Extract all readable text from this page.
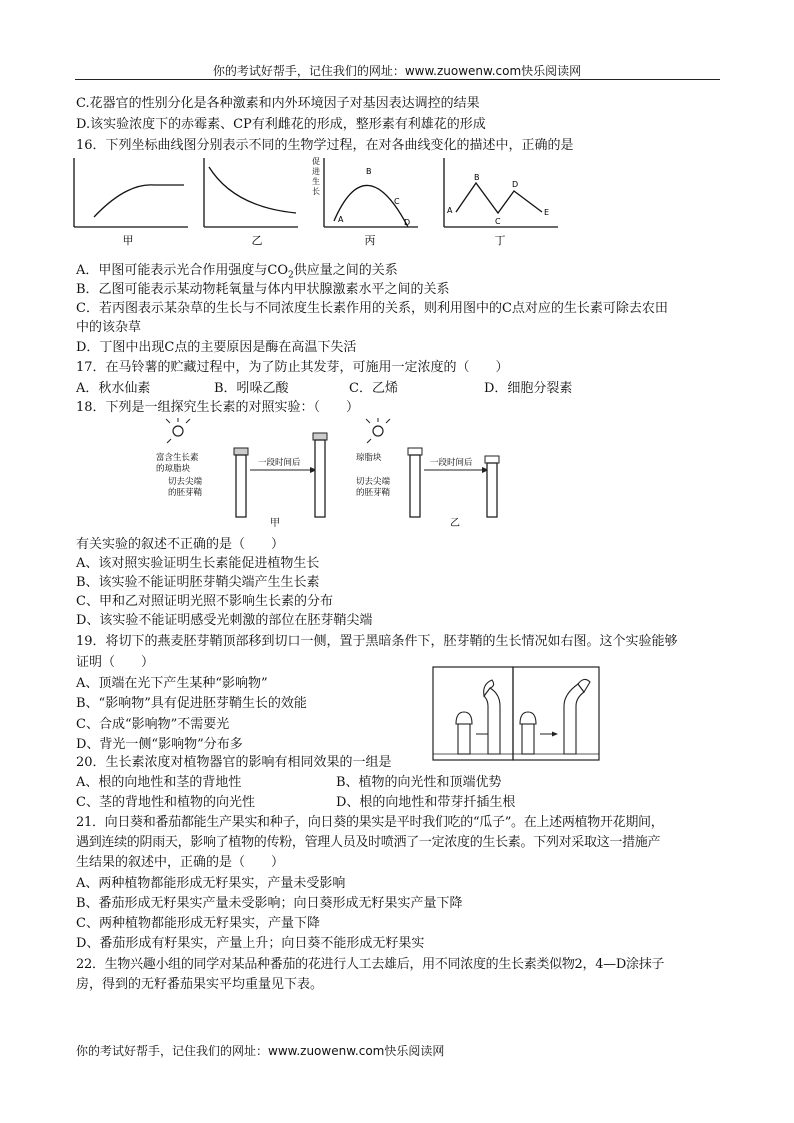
你的考试好帮手，记住我们的网址：www.zuowenw.com快乐阅读网
C.花器官的性别分化是各种激素和内外环境因子对基因表达调控的结果
D.该实验浓度下的赤霉素、CP有利雌花的形成，整形素有利雄花的形成
16．下列坐标曲线图分别表示不同的生物学过程，在对各曲线变化的描述中，正确的是
甲	乙
促
进
生
长
A
B
C
D
丙
A
B
C
D
E
丁
A．甲图可能表示光合作用强度与$CO_2$供应量之间的关系
B．乙图可能表示某动物耗氧量与体内甲状腺激素水平之间的关系
C．若丙图表示某杂草的生长与不同浓度生长素作用的关系，则利用图中的C点对应的生长素可除去农田
中的该杂草
D．丁图中出现C点的主要原因是酶在高温下失活
17．在马铃薯的贮藏过程中，为了防止其发芽，可施用一定浓度的（　　）
A．秋水仙素	B．吲哚乙酸	C．乙烯	D．细胞分裂素
18．下列是一组探究生长素的对照实验：（　　）
富含生长素
的琼脂块
切去尖端
的胚芽鞘
一段时间后
甲
琼脂块
切去尖端
的胚芽鞘
一段时间后
乙
有关实验的叙述不正确的是（　　）
A、该对照实验证明生长素能促进植物生长
B、该实验不能证明胚芽鞘尖端产生生长素
C、甲和乙对照证明光照不影响生长素的分布
D、该实验不能证明感受光刺激的部位在胚芽鞘尖端
19．将切下的燕麦胚芽鞘顶部移到切口一侧，置于黑暗条件下，胚芽鞘的生长情况如右图。这个实验能够
证明（　　）
A、顶端在光下产生某种“影响物”
B、“影响物”具有促进胚芽鞘生长的效能
C、合成“影响物”不需要光
D、背光一侧“影响物”分布多
20．生长素浓度对植物器官的影响有相同效果的一组是
A、根的向地性和茎的背地性	B、植物的向光性和顶端优势
C、茎的背地性和植物的向光性	D、根的向地性和带芽扦插生根
21．向日葵和番茄都能生产果实和种子，向日葵的果实是平时我们吃的“瓜子”。在上述两植物开花期间，
遇到连续的阴雨天，影响了植物的传粉，管理人员及时喷洒了一定浓度的生长素。下列对采取这一措施产
生结果的叙述中，正确的是（　　）
A、两种植物都能形成无籽果实，产量未受影响
B、番茄形成无籽果实产量未受影响；向日葵形成无籽果实产量下降
C、两种植物都能形成无籽果实，产量下降
D、番茄形成有籽果实，产量上升；向日葵不能形成无籽果实
22．生物兴趣小组的同学对某品种番茄的花进行人工去雄后，用不同浓度的生长素类似物2，4—D涂抹子
房，得到的无籽番茄果实平均重量见下表。
你的考试好帮手，记住我们的网址：www.zuowenw.com快乐阅读网
